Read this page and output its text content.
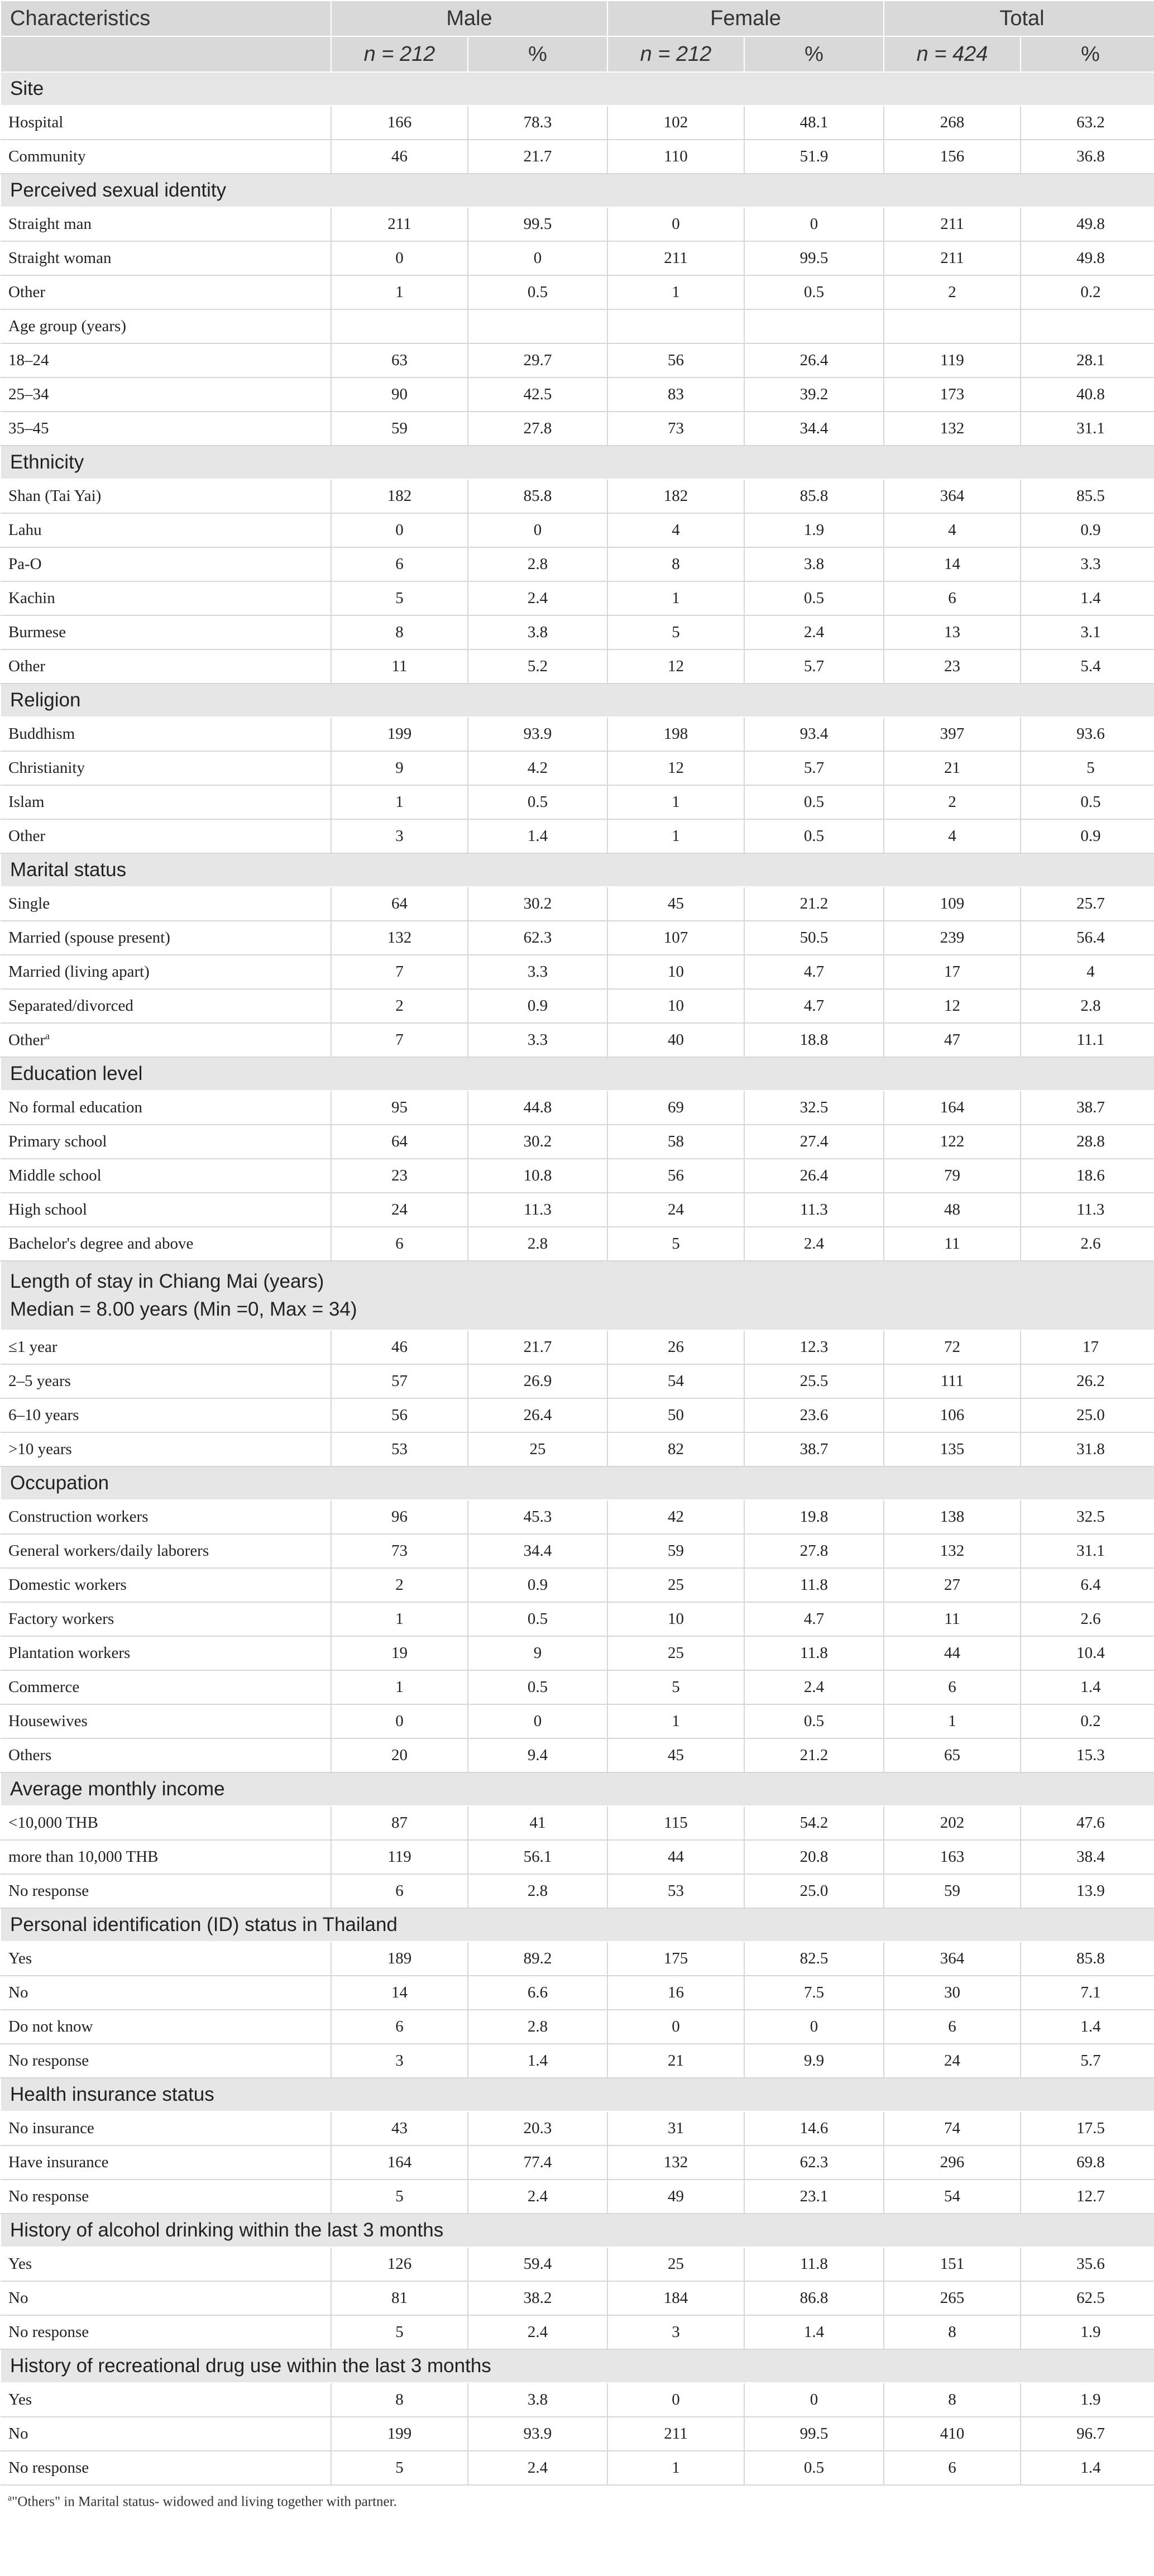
Characteristics	Male		Female		Total	
	n = 212	%	n = 212	%	n = 424	%
Site						
Hospital	166	78.3	102	48.1	268	63.2
Community	46	21.7	110	51.9	156	36.8
Perceived sexual identity						
Straight man	211	99.5	0	0	211	49.8
Straight woman	0	0	211	99.5	211	49.8
Other	1	0.5	1	0.5	2	0.2
Age group (years)						
18–24	63	29.7	56	26.4	119	28.1
25–34	90	42.5	83	39.2	173	40.8
35–45	59	27.8	73	34.4	132	31.1
Ethnicity						
Shan (Tai Yai)	182	85.8	182	85.8	364	85.5
Lahu	0	0	4	1.9	4	0.9
Pa-O	6	2.8	8	3.8	14	3.3
Kachin	5	2.4	1	0.5	6	1.4
Burmese	8	3.8	5	2.4	13	3.1
Other	11	5.2	12	5.7	23	5.4
Religion						
Buddhism	199	93.9	198	93.4	397	93.6
Christianity	9	4.2	12	5.7	21	5
Islam	1	0.5	1	0.5	2	0.5
Other	3	1.4	1	0.5	4	0.9
Marital status						
Single	64	30.2	45	21.2	109	25.7
Married (spouse present)	132	62.3	107	50.5	239	56.4
Married (living apart)	7	3.3	10	4.7	17	4
Separated/divorced	2	0.9	10	4.7	12	2.8
Other$^a$	7	3.3	40	18.8	47	11.1
Education level						
No formal education	95	44.8	69	32.5	164	38.7
Primary school	64	30.2	58	27.4	122	28.8
Middle school	23	10.8	56	26.4	79	18.6
High school	24	11.3	24	11.3	48	11.3
Bachelor's degree and above	6	2.8	5	2.4	11	2.6
Length of stay in Chiang Mai (years)
Median = 8.00 years (Min =0, Max = 34)						
≤1 year	46	21.7	26	12.3	72	17
2–5 years	57	26.9	54	25.5	111	26.2
6–10 years	56	26.4	50	23.6	106	25.0
>10 years	53	25	82	38.7	135	31.8
Occupation						
Construction workers	96	45.3	42	19.8	138	32.5
General workers/daily laborers	73	34.4	59	27.8	132	31.1
Domestic workers	2	0.9	25	11.8	27	6.4
Factory workers	1	0.5	10	4.7	11	2.6
Plantation workers	19	9	25	11.8	44	10.4
Commerce	1	0.5	5	2.4	6	1.4
Housewives	0	0	1	0.5	1	0.2
Others	20	9.4	45	21.2	65	15.3
Average monthly income						
<10,000 THB	87	41	115	54.2	202	47.6
more than 10,000 THB	119	56.1	44	20.8	163	38.4
No response	6	2.8	53	25.0	59	13.9
Personal identification (ID) status in Thailand						
Yes	189	89.2	175	82.5	364	85.8
No	14	6.6	16	7.5	30	7.1
Do not know	6	2.8	0	0	6	1.4
No response	3	1.4	21	9.9	24	5.7
Health insurance status						
No insurance	43	20.3	31	14.6	74	17.5
Have insurance	164	77.4	132	62.3	296	69.8
No response	5	2.4	49	23.1	54	12.7
History of alcohol drinking within the last 3 months						
Yes	126	59.4	25	11.8	151	35.6
No	81	38.2	184	86.8	265	62.5
No response	5	2.4	3	1.4	8	1.9
History of recreational drug use within the last 3 months						
Yes	8	3.8	0	0	8	1.9
No	199	93.9	211	99.5	410	96.7
No response	5	2.4	1	0.5	6	1.4
$^a$"Others" in Marital status- widowed and living together with partner.
